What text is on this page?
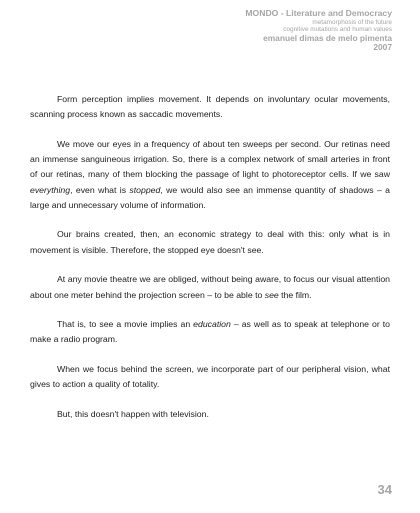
MONDO - Literature and Democracy
metamorphosis of the future
cognitive mutations and human values
emanuel dimas de melo pimenta
2007

Form perception implies movement. It depends on involuntary ocular movements, scanning process known as saccadic movements.

We move our eyes in a frequency of about ten sweeps per second. Our retinas need an immense sanguineous irrigation. So, there is a complex network of small arteries in front of our retinas, many of them blocking the passage of light to photoreceptor cells. If we saw everything, even what is stopped, we would also see an immense quantity of shadows – a large and unnecessary volume of information.

Our brains created, then, an economic strategy to deal with this: only what is in movement is visible. Therefore, the stopped eye doesn't see.

At any movie theatre we are obliged, without being aware, to focus our visual attention about one meter behind the projection screen – to be able to see the film.

That is, to see a movie implies an education – as well as to speak at telephone or to make a radio program.

When we focus behind the screen, we incorporate part of our peripheral vision, what gives to action a quality of totality.

But, this doesn't happen with television.

34
